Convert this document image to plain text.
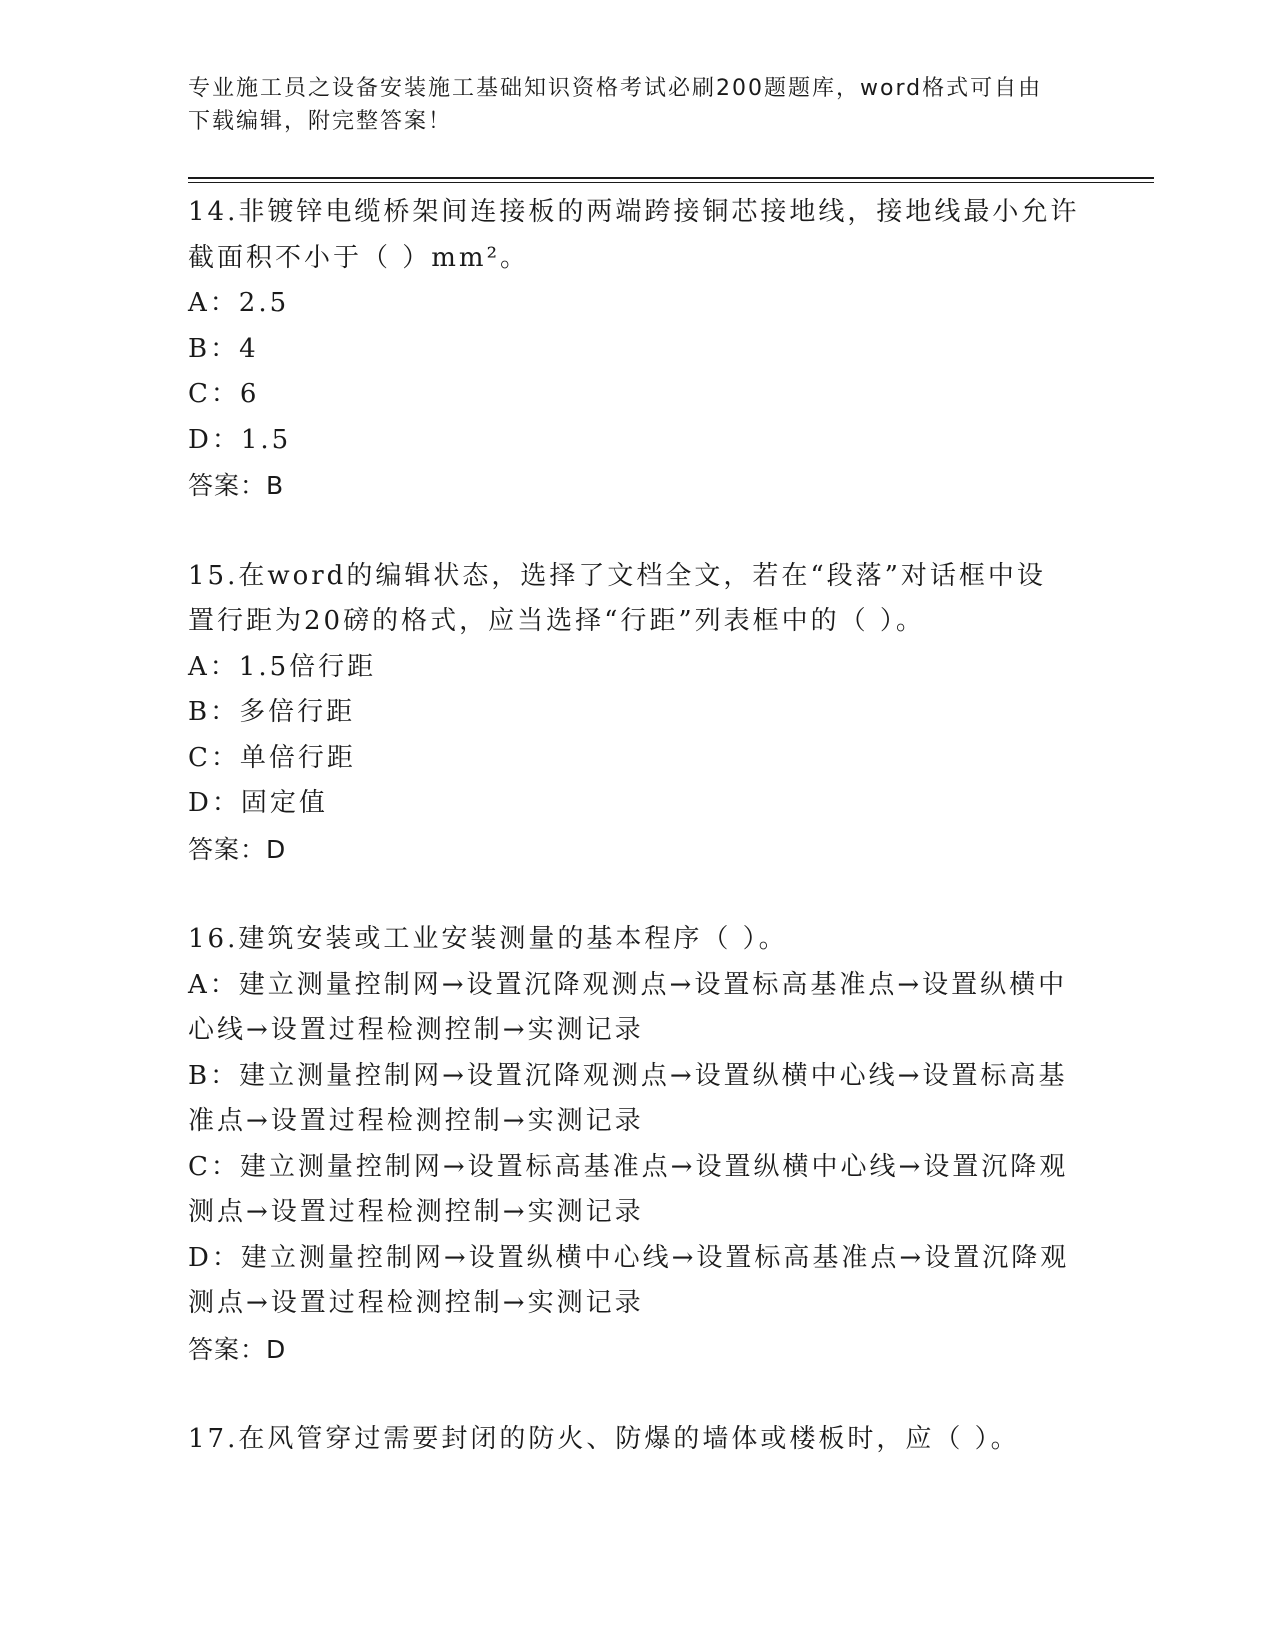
专业施工员之设备安装施工基础知识资格考试必刷200题题库，word格式可自由
下载编辑，附完整答案！
14.非镀锌电缆桥架间连接板的两端跨接铜芯接地线，接地线最小允许
截面积不小于（ ）mm²。
A：2.5
B：4
C：6
D：1.5
答案：B
15.在word的编辑状态，选择了文档全文，若在“段落”对话框中设
置行距为20磅的格式，应当选择“行距”列表框中的（ ）。
A：1.5倍行距
B：多倍行距
C：单倍行距
D：固定值
答案：D
16.建筑安装或工业安装测量的基本程序（ ）。
A：建立测量控制网→设置沉降观测点→设置标高基准点→设置纵横中
心线→设置过程检测控制→实测记录
B：建立测量控制网→设置沉降观测点→设置纵横中心线→设置标高基
准点→设置过程检测控制→实测记录
C：建立测量控制网→设置标高基准点→设置纵横中心线→设置沉降观
测点→设置过程检测控制→实测记录
D：建立测量控制网→设置纵横中心线→设置标高基准点→设置沉降观
测点→设置过程检测控制→实测记录
答案：D
17.在风管穿过需要封闭的防火、防爆的墙体或楼板时，应（ ）。
